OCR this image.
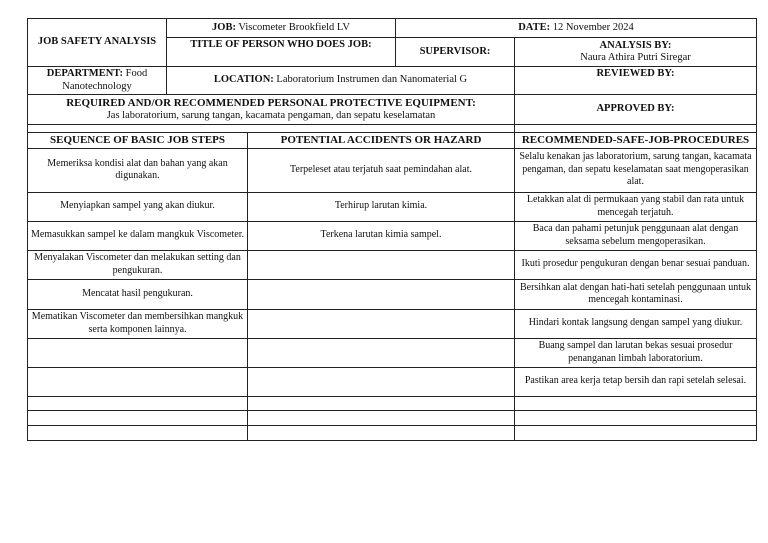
JOB SAFETY ANALYSIS	JOB: Viscometer Brookfield LV		DATE: 12 November 2024	
	TITLE OF PERSON WHO DOES JOB:		SUPERVISOR:	ANALYSIS BY:
Naura Athira Putri Siregar

DEPARTMENT: Food Nanotechnology	LOCATION: Laboratorium Instrumen dan Nanomaterial G			REVIEWED BY:

REQUIRED AND/OR RECOMMENDED PERSONAL PROTECTIVE EQUIPMENT:
Jas laboratorium, sarung tangan, kacamata pengaman, dan sepatu keselamatan				APPROVED BY:

SEQUENCE OF BASIC JOB STEPS		POTENTIAL ACCIDENTS OR HAZARD		RECOMMENDED-SAFE-JOB-PROCEDURES
Memeriksa kondisi alat dan bahan yang akan digunakan.		Terpeleset atau terjatuh saat pemindahan alat.		Selalu kenakan jas laboratorium, sarung tangan, kacamata pengaman, dan sepatu keselamatan saat mengoperasikan alat.
Menyiapkan sampel yang akan diukur.		Terhirup larutan kimia.		Letakkan alat di permukaan yang stabil dan rata untuk mencegah terjatuh.
Memasukkan sampel ke dalam mangkuk Viscometer.		Terkena larutan kimia sampel.		Baca dan pahami petunjuk penggunaan alat dengan seksama sebelum mengoperasikan.
Menyalakan Viscometer dan melakukan setting dan pengukuran.				Ikuti prosedur pengukuran dengan benar sesuai panduan.
Mencatat hasil pengukuran.				Bersihkan alat dengan hati-hati setelah penggunaan untuk mencegah kontaminasi.
Mematikan Viscometer dan membersihkan mangkuk serta komponen lainnya.				Hindari kontak langsung dengan sampel yang diukur.
				Buang sampel dan larutan bekas sesuai prosedur penanganan limbah laboratorium.
				Pastikan area kerja tetap bersih dan rapi setelah selesai.
